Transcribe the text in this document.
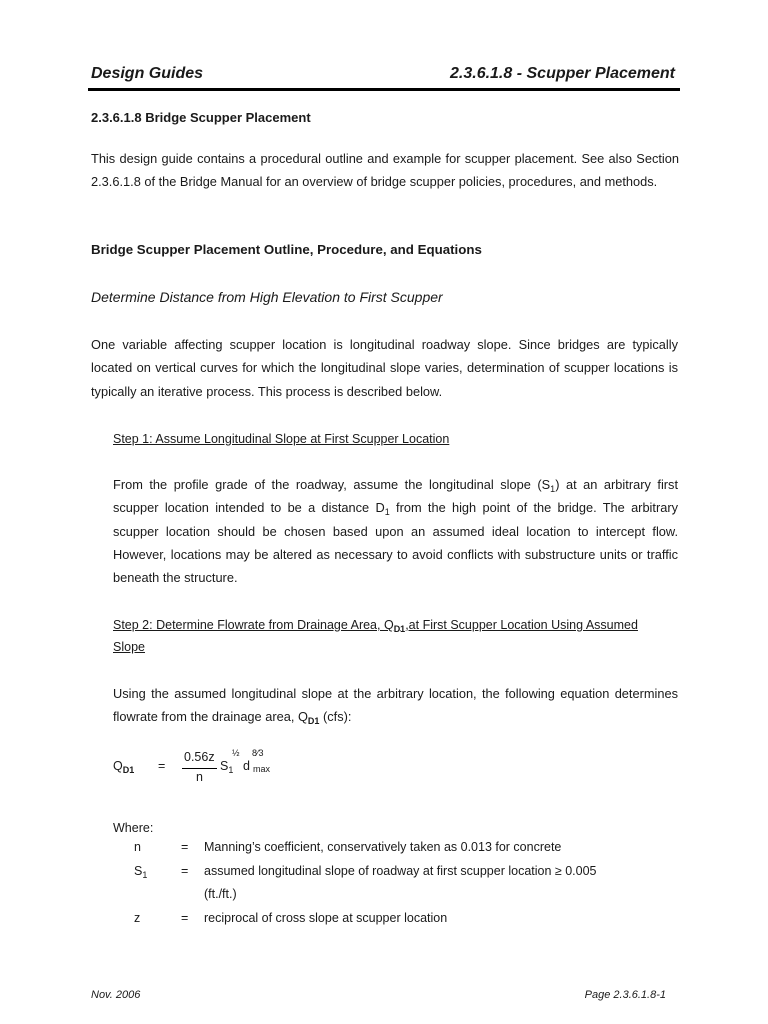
Design Guides	2.3.6.1.8 - Scupper Placement
2.3.6.1.8 Bridge Scupper Placement
This design guide contains a procedural outline and example for scupper placement. See also Section 2.3.6.1.8 of the Bridge Manual for an overview of bridge scupper policies, procedures, and methods.
Bridge Scupper Placement Outline, Procedure, and Equations
Determine Distance from High Elevation to First Scupper
One variable affecting scupper location is longitudinal roadway slope. Since bridges are typically located on vertical curves for which the longitudinal slope varies, determination of scupper locations is typically an iterative process. This process is described below.
Step 1: Assume Longitudinal Slope at First Scupper Location
From the profile grade of the roadway, assume the longitudinal slope $(S_1)$ at an arbitrary first scupper location intended to be a distance $D_1$ from the high point of the bridge. The arbitrary scupper location should be chosen based upon an assumed ideal location to intercept flow. However, locations may be altered as necessary to avoid conflicts with substructure units or traffic beneath the structure.
Step 2: Determine Flowrate from Drainage Area, $Q_{D1},at$ First Scupper Location Using Assumed Slope
Using the assumed longitudinal slope at the arbitrary location, the following equation determines flowrate from the drainage area, $Q_{D1}$ (cfs):
$Q_{D1}$ =
0.56z
n
$S_1$
½
d
8⁄3
max
Where:
n	= Manning’s coefficient, conservatively taken as 0.013 for concrete
$S_1$	= assumed longitudinal slope of roadway at first scupper location ≥ 0.005
(ft./ft.)
z	= reciprocal of cross slope at scupper location
Nov. 2006	Page 2.3.6.1.8-1
